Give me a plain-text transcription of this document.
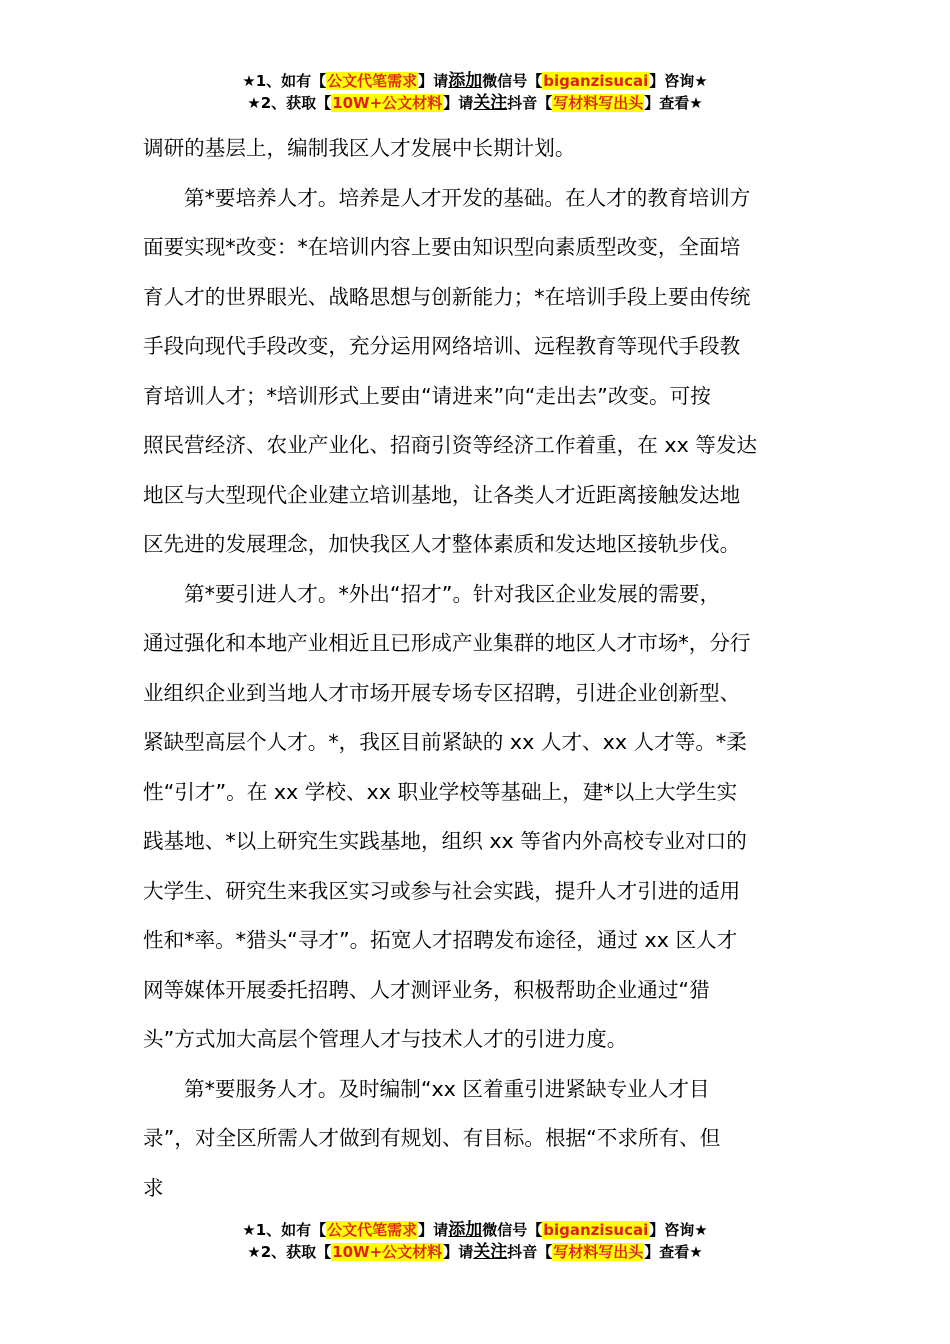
★1、如有【公文代笔需求】请添加微信号【biganzisucai】咨询★
★2、获取【10W+公文材料】请关注抖音【写材料写出头】查看★
调研的基层上，编制我区人才发展中长期计划。
第*要培养人才。培养是人才开发的基础。在人才的教育培训方
面要实现*改变：*在培训内容上要由知识型向素质型改变，全面培
育人才的世界眼光、战略思想与创新能力；*在培训手段上要由传统
手段向现代手段改变，充分运用网络培训、远程教育等现代手段教
育培训人才；*培训形式上要由“请进来”向“走出去”改变。可按
照民营经济、农业产业化、招商引资等经济工作着重，在 xx 等发达
地区与大型现代企业建立培训基地，让各类人才近距离接触发达地
区先进的发展理念，加快我区人才整体素质和发达地区接轨步伐。
第*要引进人才。*外出“招才”。针对我区企业发展的需要，
通过强化和本地产业相近且已形成产业集群的地区人才市场*，分行
业组织企业到当地人才市场开展专场专区招聘，引进企业创新型、
紧缺型高层个人才。*，我区目前紧缺的 xx 人才、xx 人才等。*柔
性“引才”。在 xx 学校、xx 职业学校等基础上，建*以上大学生实
践基地、*以上研究生实践基地，组织 xx 等省内外高校专业对口的
大学生、研究生来我区实习或参与社会实践，提升人才引进的适用
性和*率。*猎头“寻才”。拓宽人才招聘发布途径，通过 xx 区人才
网等媒体开展委托招聘、人才测评业务，积极帮助企业通过“猎
头”方式加大高层个管理人才与技术人才的引进力度。
第*要服务人才。及时编制“xx 区着重引进紧缺专业人才目
录”，对全区所需人才做到有规划、有目标。根据“不求所有、但
求
★1、如有【公文代笔需求】请添加微信号【biganzisucai】咨询★
★2、获取【10W+公文材料】请关注抖音【写材料写出头】查看★
